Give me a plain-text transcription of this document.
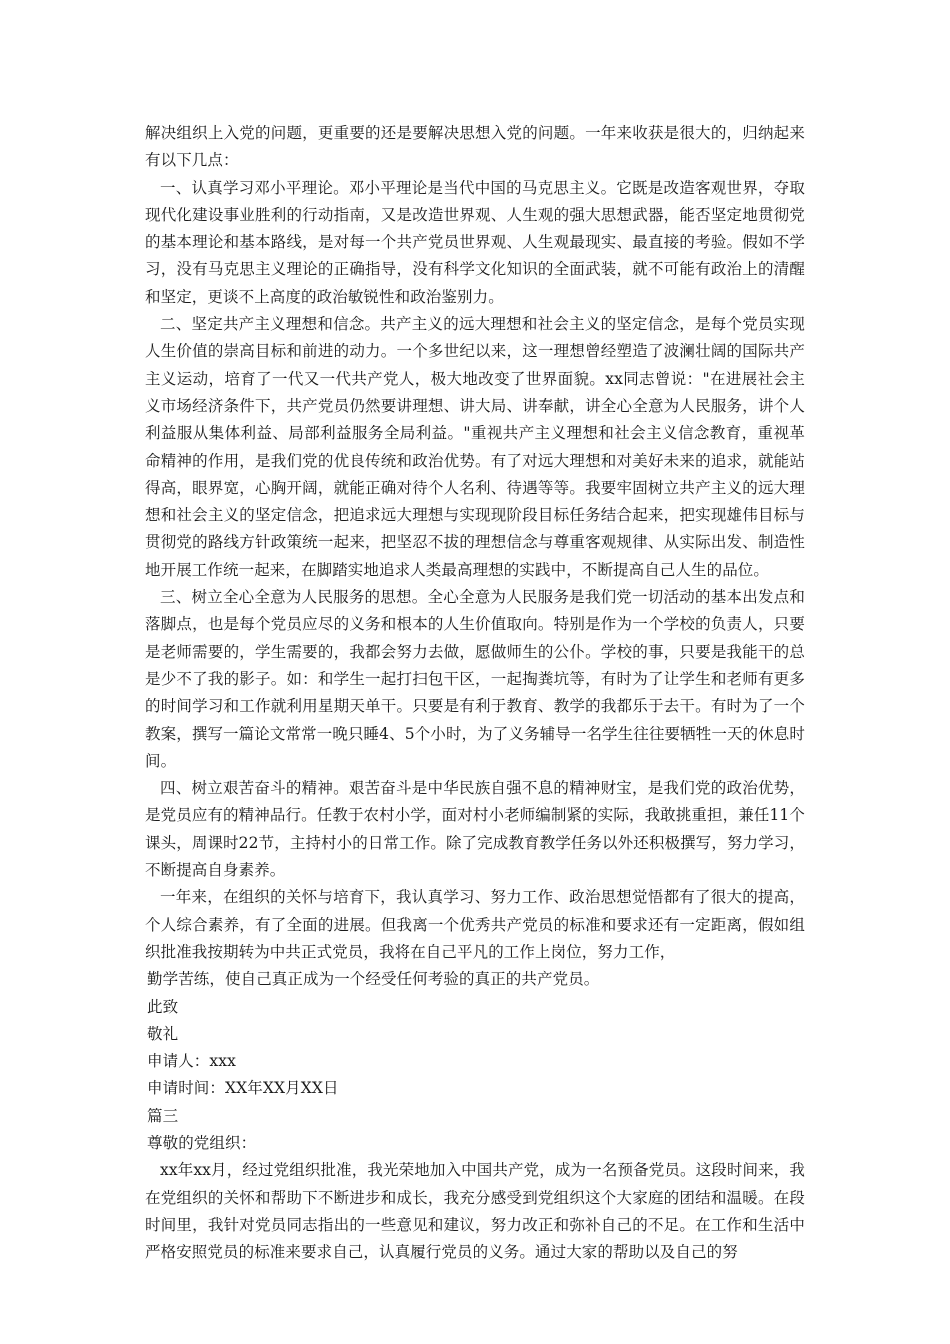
解决组织上入党的问题，更重要的还是要解决思想入党的问题。一年来收获是很大的，归纳起来有以下几点：

一、认真学习邓小平理论。邓小平理论是当代中国的马克思主义。它既是改造客观世界，夺取现代化建设事业胜利的行动指南，又是改造世界观、人生观的强大思想武器，能否坚定地贯彻党的基本理论和基本路线，是对每一个共产党员世界观、人生观最现实、最直接的考验。假如不学习，没有马克思主义理论的正确指导，没有科学文化知识的全面武装，就不可能有政治上的清醒和坚定，更谈不上高度的政治敏锐性和政治鉴别力。

二、坚定共产主义理想和信念。共产主义的远大理想和社会主义的坚定信念，是每个党员实现人生价值的崇高目标和前进的动力。一个多世纪以来，这一理想曾经塑造了波澜壮阔的国际共产主义运动，培育了一代又一代共产党人，极大地改变了世界面貌。xx同志曾说："在进展社会主义市场经济条件下，共产党员仍然要讲理想、讲大局、讲奉献，讲全心全意为人民服务，讲个人利益服从集体利益、局部利益服务全局利益。"重视共产主义理想和社会主义信念教育，重视革命精神的作用，是我们党的优良传统和政治优势。有了对远大理想和对美好未来的追求，就能站得高，眼界宽，心胸开阔，就能正确对待个人名利、待遇等等。我要牢固树立共产主义的远大理想和社会主义的坚定信念，把追求远大理想与实现现阶段目标任务结合起来，把实现雄伟目标与贯彻党的路线方针政策统一起来，把坚忍不拔的理想信念与尊重客观规律、从实际出发、制造性地开展工作统一起来，在脚踏实地追求人类最高理想的实践中，不断提高自己人生的品位。

三、树立全心全意为人民服务的思想。全心全意为人民服务是我们党一切活动的基本出发点和落脚点，也是每个党员应尽的义务和根本的人生价值取向。特别是作为一个学校的负责人，只要是老师需要的，学生需要的，我都会努力去做，愿做师生的公仆。学校的事，只要是我能干的总是少不了我的影子。如：和学生一起打扫包干区，一起掏粪坑等，有时为了让学生和老师有更多的时间学习和工作就利用星期天单干。只要是有利于教育、教学的我都乐于去干。有时为了一个教案，撰写一篇论文常常一晚只睡4、5个小时，为了义务辅导一名学生往往要牺牲一天的休息时间。

四、树立艰苦奋斗的精神。艰苦奋斗是中华民族自强不息的精神财宝，是我们党的政治优势，是党员应有的精神品行。任教于农村小学，面对村小老师编制紧的实际，我敢挑重担，兼任11个课头，周课时22节，主持村小的日常工作。除了完成教育教学任务以外还积极撰写，努力学习，不断提高自身素养。

一年来，在组织的关怀与培育下，我认真学习、努力工作、政治思想觉悟都有了很大的提高，个人综合素养，有了全面的进展。但我离一个优秀共产党员的标准和要求还有一定距离，假如组织批准我按期转为中共正式党员，我将在自己平凡的工作上岗位，努力工作，

勤学苦练，使自己真正成为一个经受任何考验的真正的共产党员。

此致

敬礼

申请人：xxx

申请时间：XX年XX月XX日

篇三

尊敬的党组织：

xx年xx月，经过党组织批准，我光荣地加入中国共产党，成为一名预备党员。这段时间来，我在党组织的关怀和帮助下不断进步和成长，我充分感受到党组织这个大家庭的团结和温暖。在段时间里，我针对党员同志指出的一些意见和建议，努力改正和弥补自己的不足。在工作和生活中严格安照党员的标准来要求自己，认真履行党员的义务。通过大家的帮助以及自己的努
